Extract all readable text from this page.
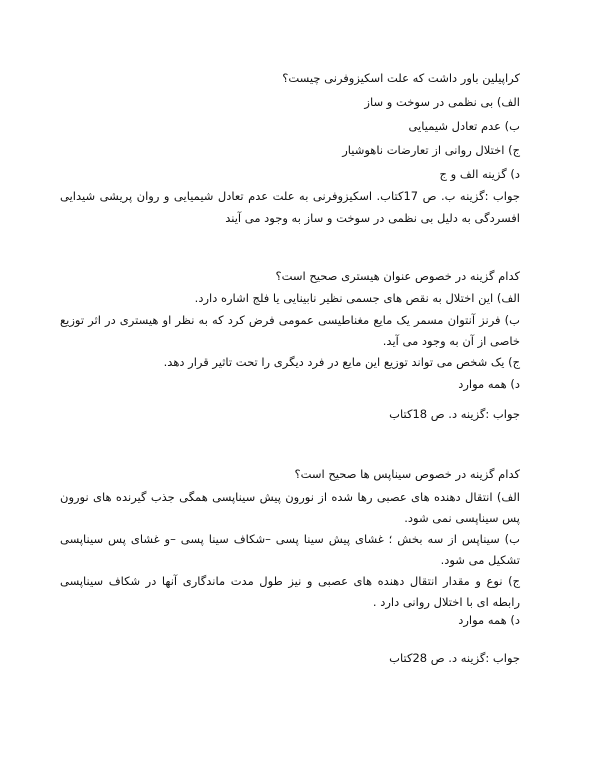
کراپیلین باور داشت که علت اسکیزوفرنی چیست؟
الف) بی نظمی در سوخت و ساز
ب) عدم تعادل شیمیایی
ج) اختلال روانی از تعارضات ناهوشیار
د) گزینه الف و ج
جواب :گزینه ب. ص 17کتاب. اسکیزوفرنی به علت عدم تعادل شیمیایی و روان پریشی شیدایی افسردگی به دلیل بی نظمی در سوخت و ساز به وجود می آیند
کدام گزینه در خصوص عنوان هیستری صحیح است؟
الف) این اختلال به نقص های جسمی نظیر نابینایی یا فلج اشاره دارد.
ب) فرنز آنتوان مسمر یک مایع مغناطیسی عمومی فرض کرد که به نظر او هیستری در اثر توزیع خاصی از آن به وجود می آید.
ج) یک شخص می تواند توزیع این مایع در فرد دیگری را تحت تاثیر قرار دهد.
د) همه موارد
جواب :گزینه د. ص 18کتاب
کدام گزینه در خصوص سیناپس ها صحیح است؟
الف) انتقال دهنده های عصبی رها شده از نورون پیش سیناپسی همگی جذب گیرنده های نورون پس سیناپسی نمی شود.
ب) سیناپس از سه بخش ؛ غشای پیش سینا پسی –شکاف سینا پسی –و غشای پس سیناپسی تشکیل می شود.
ج) نوع و مقدار انتقال دهنده های عصبی و نیز طول مدت ماندگاری آنها در شکاف سیناپسی رابطه ای با اختلال روانی دارد .
د) همه موارد
جواب :گزینه د. ص 28کتاب
